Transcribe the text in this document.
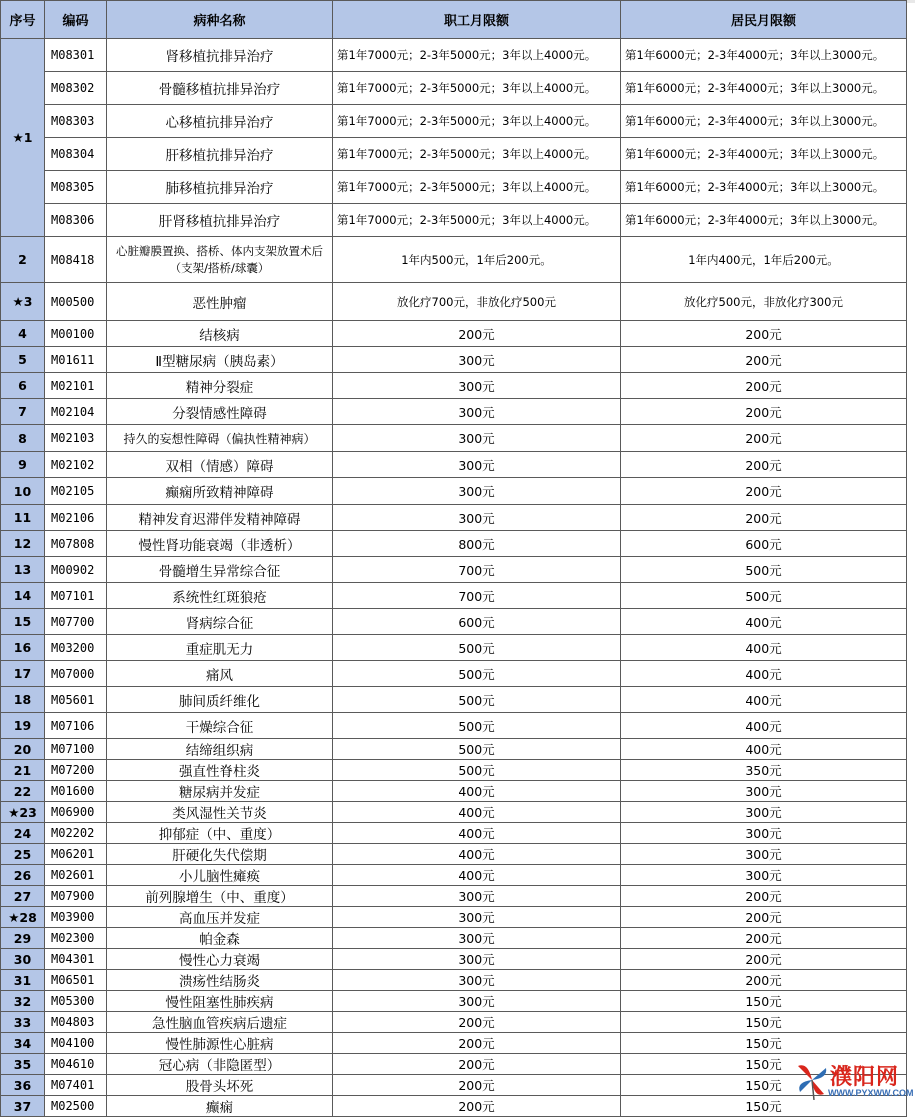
序号	编码	病种名称	职工月限额	居民月限额
★1	M08301	肾移植抗排异治疗	第1年7000元；2-3年5000元；3年以上4000元。	第1年6000元；2-3年4000元；3年以上3000元。
	M08302	骨髓移植抗排异治疗	第1年7000元；2-3年5000元；3年以上4000元。	第1年6000元；2-3年4000元；3年以上3000元。
	M08303	心移植抗排异治疗	第1年7000元；2-3年5000元；3年以上4000元。	第1年6000元；2-3年4000元；3年以上3000元。
	M08304	肝移植抗排异治疗	第1年7000元；2-3年5000元；3年以上4000元。	第1年6000元；2-3年4000元；3年以上3000元。
	M08305	肺移植抗排异治疗	第1年7000元；2-3年5000元；3年以上4000元。	第1年6000元；2-3年4000元；3年以上3000元。
	M08306	肝肾移植抗排异治疗	第1年7000元；2-3年5000元；3年以上4000元。	第1年6000元；2-3年4000元；3年以上3000元。
2	M08418	心脏瓣膜置换、搭桥、体内支架放置术后（支架/搭桥/球囊）	1年内500元，1年后200元。	1年内400元，1年后200元。
★3	M00500	恶性肿瘤	放化疗700元，非放化疗500元	放化疗500元，非放化疗300元
4	M00100	结核病	200元	200元
5	M01611	Ⅱ型糖尿病（胰岛素）	300元	200元
6	M02101	精神分裂症	300元	200元
7	M02104	分裂情感性障碍	300元	200元
8	M02103	持久的妄想性障碍（偏执性精神病）	300元	200元
9	M02102	双相（情感）障碍	300元	200元
10	M02105	癫痫所致精神障碍	300元	200元
11	M02106	精神发育迟滞伴发精神障碍	300元	200元
12	M07808	慢性肾功能衰竭（非透析）	800元	600元
13	M00902	骨髓增生异常综合征	700元	500元
14	M07101	系统性红斑狼疮	700元	500元
15	M07700	肾病综合征	600元	400元
16	M03200	重症肌无力	500元	400元
17	M07000	痛风	500元	400元
18	M05601	肺间质纤维化	500元	400元
19	M07106	干燥综合征	500元	400元
20	M07100	结缔组织病	500元	400元
21	M07200	强直性脊柱炎	500元	350元
22	M01600	糖尿病并发症	400元	300元
★23	M06900	类风湿性关节炎	400元	300元
24	M02202	抑郁症（中、重度）	400元	300元
25	M06201	肝硬化失代偿期	400元	300元
26	M02601	小儿脑性瘫痪	400元	300元
27	M07900	前列腺增生（中、重度）	300元	200元
★28	M03900	高血压并发症	300元	200元
29	M02300	帕金森	300元	200元
30	M04301	慢性心力衰竭	300元	200元
31	M06501	溃疡性结肠炎	300元	200元
32	M05300	慢性阻塞性肺疾病	300元	150元
33	M04803	急性脑血管疾病后遗症	200元	150元
34	M04100	慢性肺源性心脏病	200元	150元
35	M04610	冠心病（非隐匿型）	200元	150元
36	M07401	股骨头坏死	200元	150元
37	M02500	癫痫	200元	150元
濮阳网
WWW.PYXWW.COM
